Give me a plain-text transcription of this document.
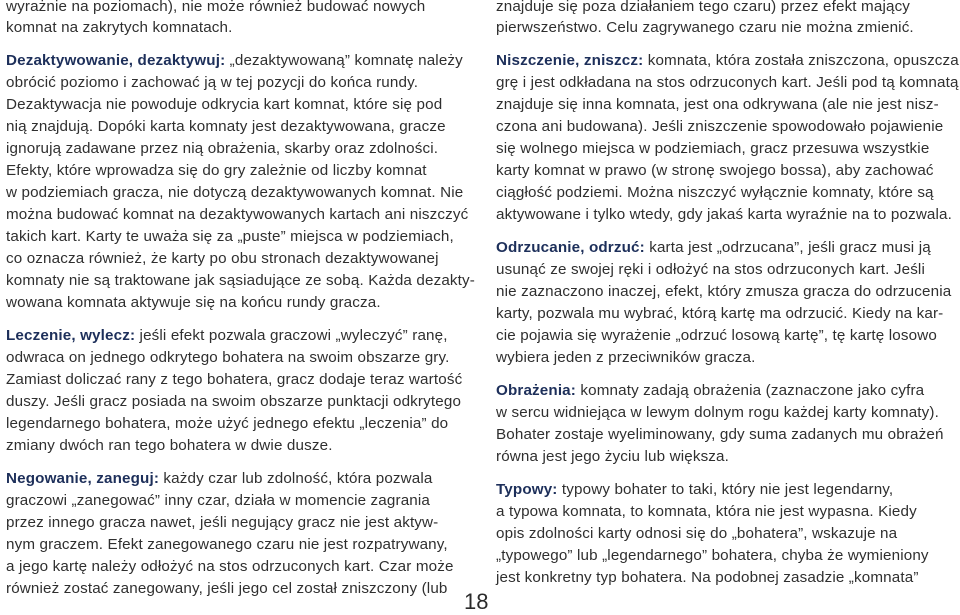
wyrażnie na poziomach), nie może również budować nowych
komnat na zakrytych komnatach.
Dezaktywowanie, dezaktywuj: „dezaktywowaną” komnatę należy
obrócić poziomo i zachować ją w tej pozycji do końca rundy.
Dezaktywacja nie powoduje odkrycia kart komnat, które się pod
nią znajdują. Dopóki karta komnaty jest dezaktywowana, gracze
ignorują zadawane przez nią obrażenia, skarby oraz zdolności.
Efekty, które wprowadza się do gry zależnie od liczby komnat
w podziemiach gracza, nie dotyczą dezaktywowanych komnat. Nie
można budować komnat na dezaktywowanych kartach ani niszczyć
takich kart. Karty te uważa się za „puste” miejsca w podziemiach,
co oznacza również, że karty po obu stronach dezaktywowanej
komnaty nie są traktowane jak sąsiadujące ze sobą. Każda dezakty-
wowana komnata aktywuje się na końcu rundy gracza.
Leczenie, wylecz: jeśli efekt pozwala graczowi „wyleczyć” ranę,
odwraca on jednego odkrytego bohatera na swoim obszarze gry.
Zamiast doliczać rany z tego bohatera, gracz dodaje teraz wartość
duszy. Jeśli gracz posiada na swoim obszarze punktacji odkrytego
legendarnego bohatera, może użyć jednego efektu „leczenia” do
zmiany dwóch ran tego bohatera w dwie dusze.
Negowanie, zaneguj: każdy czar lub zdolność, która pozwala
graczowi „zanegować” inny czar, działa w momencie zagrania
przez innego gracza nawet, jeśli negujący gracz nie jest aktyw-
nym graczem. Efekt zanegowanego czaru nie jest rozpatrywany,
a jego kartę należy odłożyć na stos odrzuconych kart. Czar może
również zostać zanegowany, jeśli jego cel został zniszczony (lub
18
znajduje się poza działaniem tego czaru) przez efekt mający
pierwszeństwo. Celu zagrywanego czaru nie można zmienić.
Niszczenie, zniszcz: komnata, która została zniszczona, opuszcza
grę i jest odkładana na stos odrzuconych kart. Jeśli pod tą komnatą
znajduje się inna komnata, jest ona odkrywana (ale nie jest nisz-
czona ani budowana). Jeśli zniszczenie spowodowało pojawienie
się wolnego miejsca w podziemiach, gracz przesuwa wszystkie
karty komnat w prawo (w stronę swojego bossa), aby zachować
ciągłość podziemi. Można niszczyć wyłącznie komnaty, które są
aktywowane i tylko wtedy, gdy jakaś karta wyraźnie na to pozwala.
Odrzucanie, odrzuć: karta jest „odrzucana”, jeśli gracz musi ją
usunąć ze swojej ręki i odłożyć na stos odrzuconych kart. Jeśli
nie zaznaczono inaczej, efekt, który zmusza gracza do odrzucenia
karty, pozwala mu wybrać, którą kartę ma odrzucić. Kiedy na kar-
cie pojawia się wyrażenie „odrzuć losową kartę”, tę kartę losowo
wybiera jeden z przeciwników gracza.
Obrażenia: komnaty zadają obrażenia (zaznaczone jako cyfra
w sercu widniejąca w lewym dolnym rogu każdej karty komnaty).
Bohater zostaje wyeliminowany, gdy suma zadanych mu obrażeń
równa jest jego życiu lub większa.
Typowy: typowy bohater to taki, który nie jest legendarny,
a typowa komnata, to komnata, która nie jest wypasna. Kiedy
opis zdolności karty odnosi się do „bohatera”, wskazuje na
„typowego” lub „legendarnego” bohatera, chyba że wymieniony
jest konkretny typ bohatera. Na podobnej zasadzie „komnata”
